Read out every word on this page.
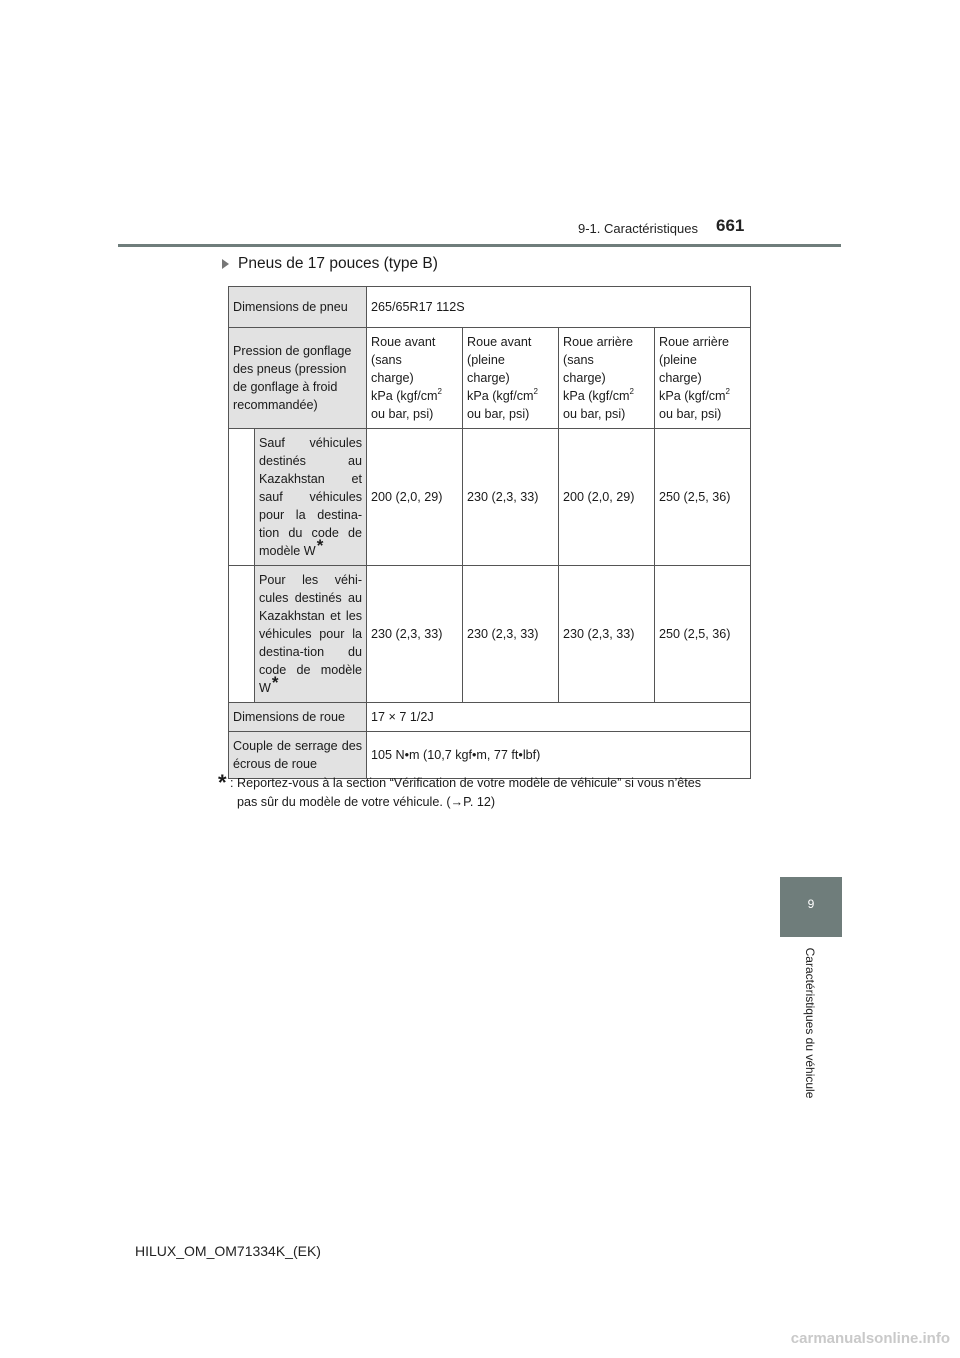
9-1. Caractéristiques 661
Pneus de 17 pouces (type B)
Dimensions de pneu		265/65R17 112S			
Pression de gonflage des pneus (pression de gonflage à froid recommandée)		Roue avant
(sans
charge)
kPa ($kgf/cm^2$
ou bar, psi)	Roue avant
(pleine
charge)
kPa ($kgf/cm^2$
ou bar, psi)	Roue arrière
(sans
charge)
kPa ($kgf/cm^2$
ou bar, psi)	Roue arrière
(pleine
charge)
kPa ($kgf/cm^2$
ou bar, psi)
	Sauf véhicules destinés au Kazakhstan et sauf véhicules pour la destina-tion du code de modèle W*	200 (2,0, 29)	230 (2,3, 33)	200 (2,0, 29)	250 (2,5, 36)
	Pour les véhi-cules destinés au Kazakhstan et les véhicules pour la destina-tion du code de modèle W*	230 (2,3, 33)	230 (2,3, 33)	230 (2,3, 33)	250 (2,5, 36)
Dimensions de roue		17 × 7 1/2J			
Couple de serrage des écrous de roue		105 N•m (10,7 kgf•m, 77 ft•lbf)			
* : Reportez-vous à la section “Vérification de votre modèle de véhicule” si vous n’êtes
pas sûr du modèle de votre véhicule. (→P. 12)
9
Caractéristiques du véhicule
HILUX_OM_OM71334K_(EK)
carmanualsonline.info
